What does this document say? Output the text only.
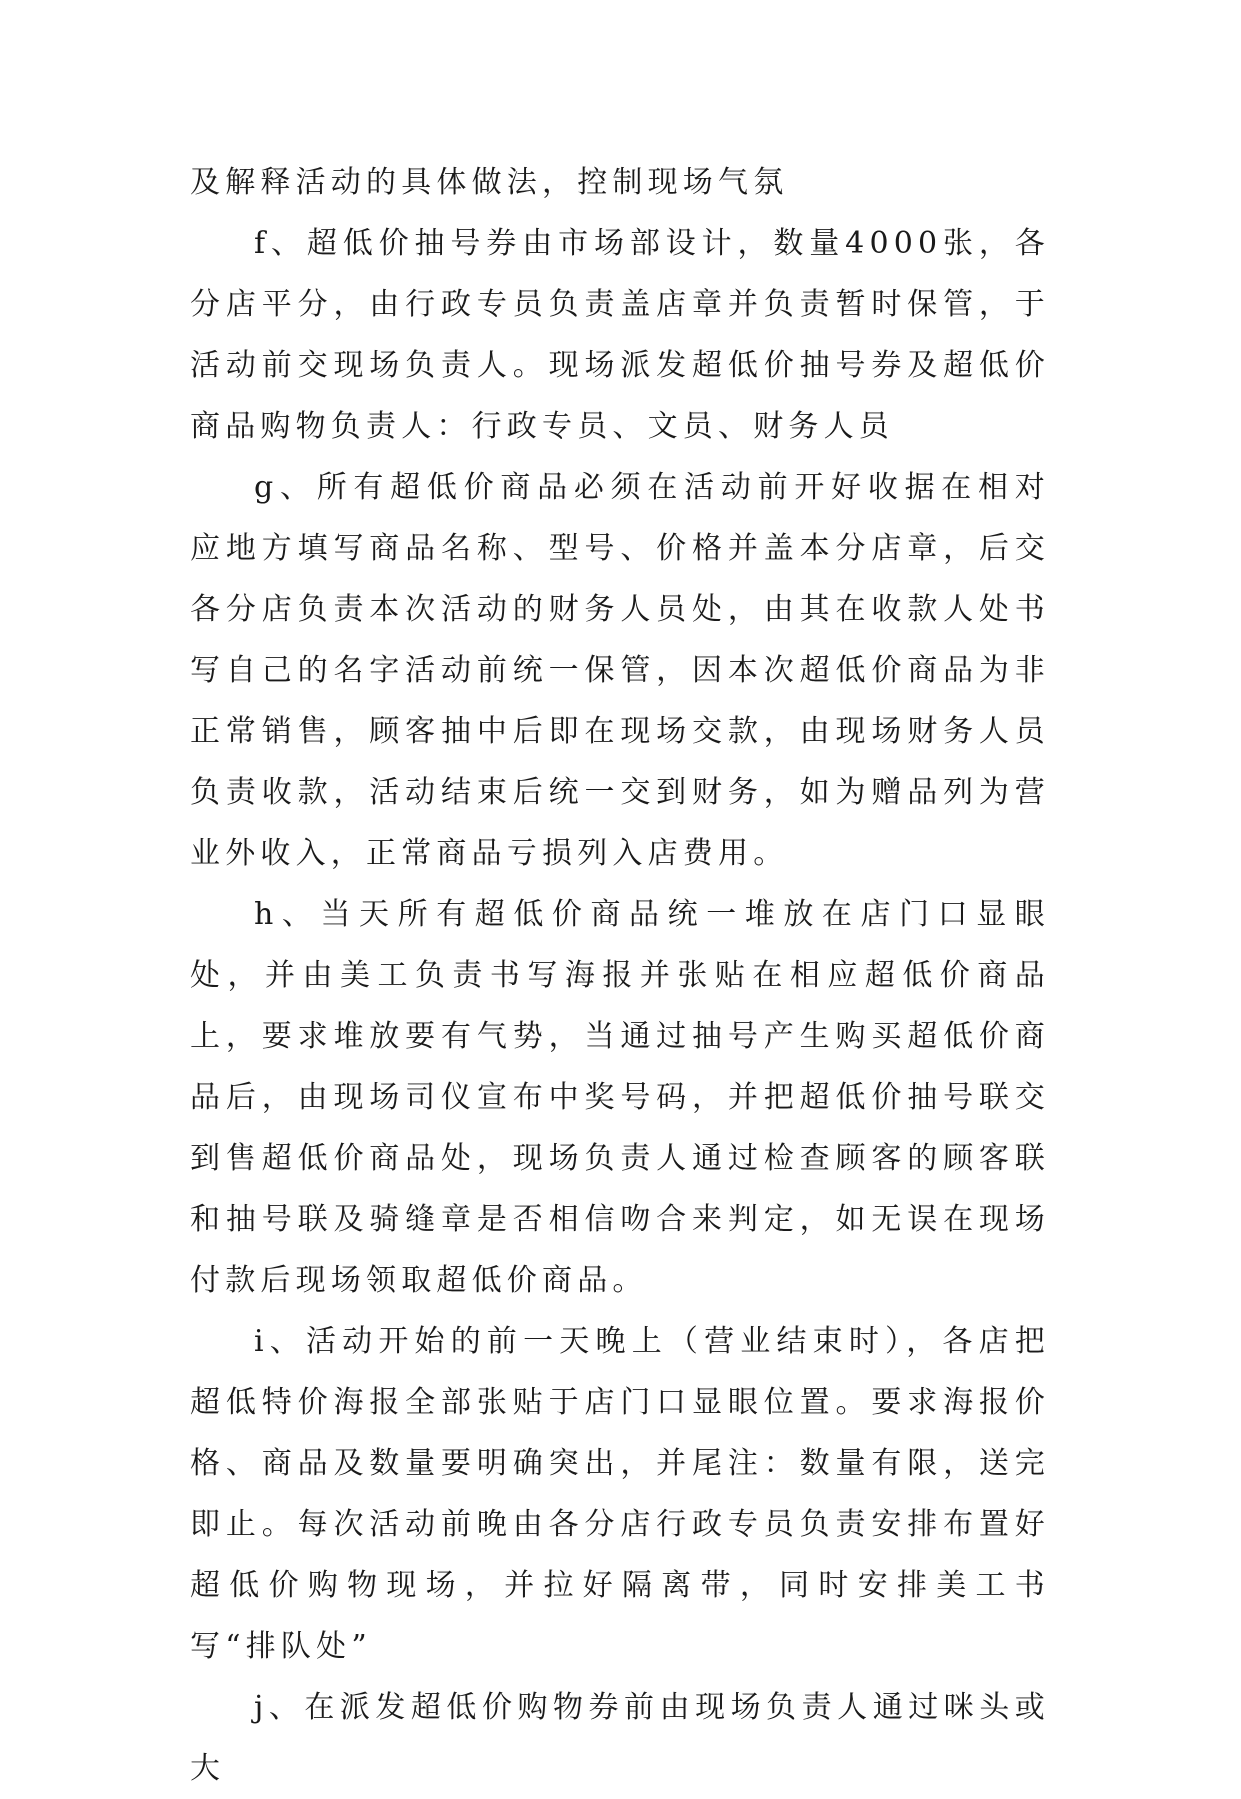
及解释活动的具体做法，控制现场气氛

f、超低价抽号券由市场部设计，数量4000张，各分店平分，由行政专员负责盖店章并负责暂时保管，于活动前交现场负责人。现场派发超低价抽号券及超低价商品购物负责人：行政专员、文员、财务人员

g、所有超低价商品必须在活动前开好收据在相对应地方填写商品名称、型号、价格并盖本分店章，后交各分店负责本次活动的财务人员处，由其在收款人处书写自己的名字活动前统一保管，因本次超低价商品为非正常销售，顾客抽中后即在现场交款，由现场财务人员负责收款，活动结束后统一交到财务，如为赠品列为营业外收入，正常商品亏损列入店费用。

h、当天所有超低价商品统一堆放在店门口显眼处，并由美工负责书写海报并张贴在相应超低价商品上，要求堆放要有气势，当通过抽号产生购买超低价商品后，由现场司仪宣布中奖号码，并把超低价抽号联交到售超低价商品处，现场负责人通过检查顾客的顾客联和抽号联及骑缝章是否相信吻合来判定，如无误在现场付款后现场领取超低价商品。

i、活动开始的前一天晚上（营业结束时），各店把超低特价海报全部张贴于店门口显眼位置。要求海报价格、商品及数量要明确突出，并尾注：数量有限，送完即止。每次活动前晚由各分店行政专员负责安排布置好超低价购物现场，并拉好隔离带，同时安排美工书写“排队处”

j、在派发超低价购物券前由现场负责人通过咪头或大
